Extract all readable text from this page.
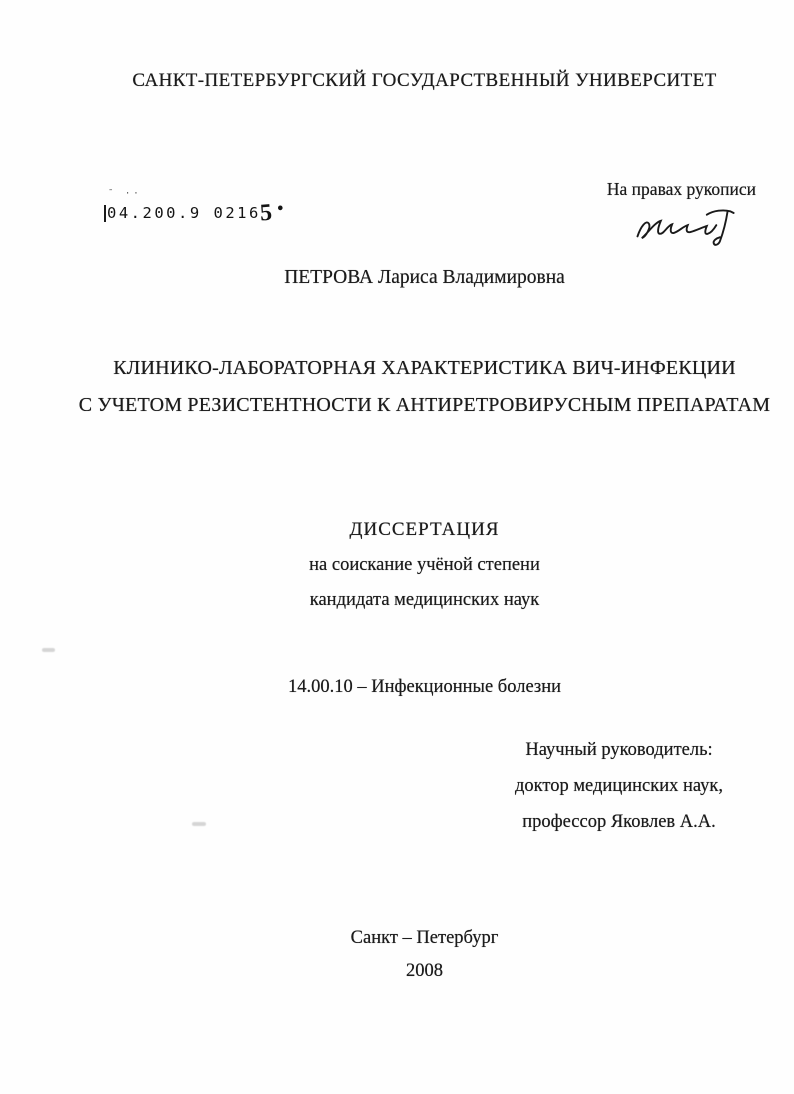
САНКТ-ПЕТЕРБУРГСКИЙ ГОСУДАРСТВЕННЫЙ УНИВЕРСИТЕТ
На правах рукописи
¯ ··
04.200.9 0216
5 •
ПЕТРОВА Лариса Владимировна
КЛИНИКО-ЛАБОРАТОРНАЯ ХАРАКТЕРИСТИКА ВИЧ-ИНФЕКЦИИ
С УЧЕТОМ РЕЗИСТЕНТНОСТИ К АНТИРЕТРОВИРУСНЫМ ПРЕПАРАТАМ
ДИССЕРТАЦИЯ
на соискание учёной степени
кандидата медицинских наук
14.00.10 – Инфекционные болезни
Научный руководитель:
доктор медицинских наук,
профессор Яковлев А.А.
Санкт – Петербург
2008
